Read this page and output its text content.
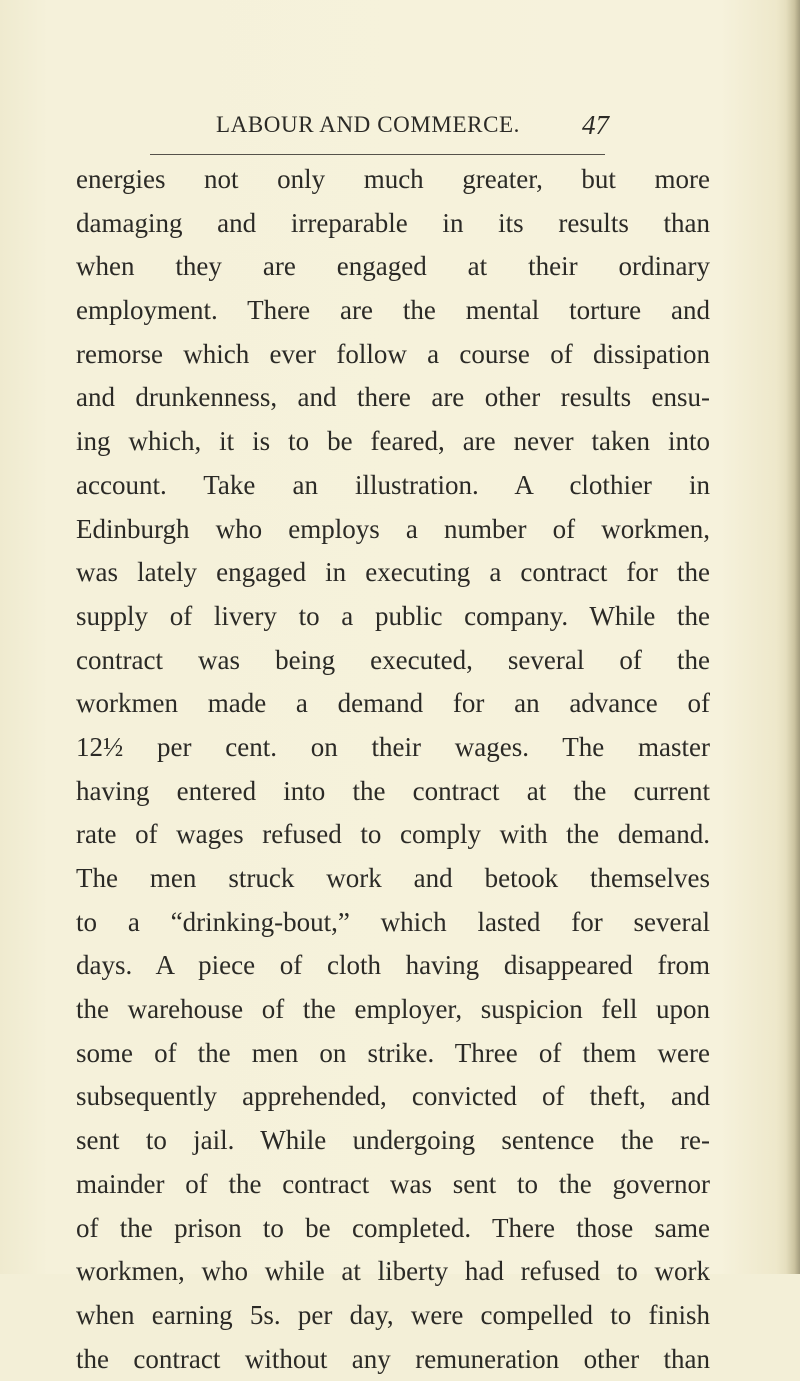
LABOUR AND COMMERCE. 47
energies not only much greater, but more
damaging and irreparable in its results than
when they are engaged at their ordinary
employment. There are the mental torture and
remorse which ever follow a course of dissipation
and drunkenness, and there are other results ensu-
ing which, it is to be feared, are never taken into
account. Take an illustration. A clothier in
Edinburgh who employs a number of workmen,
was lately engaged in executing a contract for the
supply of livery to a public company. While the
contract was being executed, several of the
workmen made a demand for an advance of
12½ per cent. on their wages. The master
having entered into the contract at the current
rate of wages refused to comply with the demand.
The men struck work and betook themselves
to a “drinking-bout,” which lasted for several
days. A piece of cloth having disappeared from
the warehouse of the employer, suspicion fell upon
some of the men on strike. Three of them were
subsequently apprehended, convicted of theft, and
sent to jail. While undergoing sentence the re-
mainder of the contract was sent to the governor
of the prison to be completed. There those same
workmen, who while at liberty had refused to work
when earning 5s. per day, were compelled to finish
the contract without any remuneration other than
